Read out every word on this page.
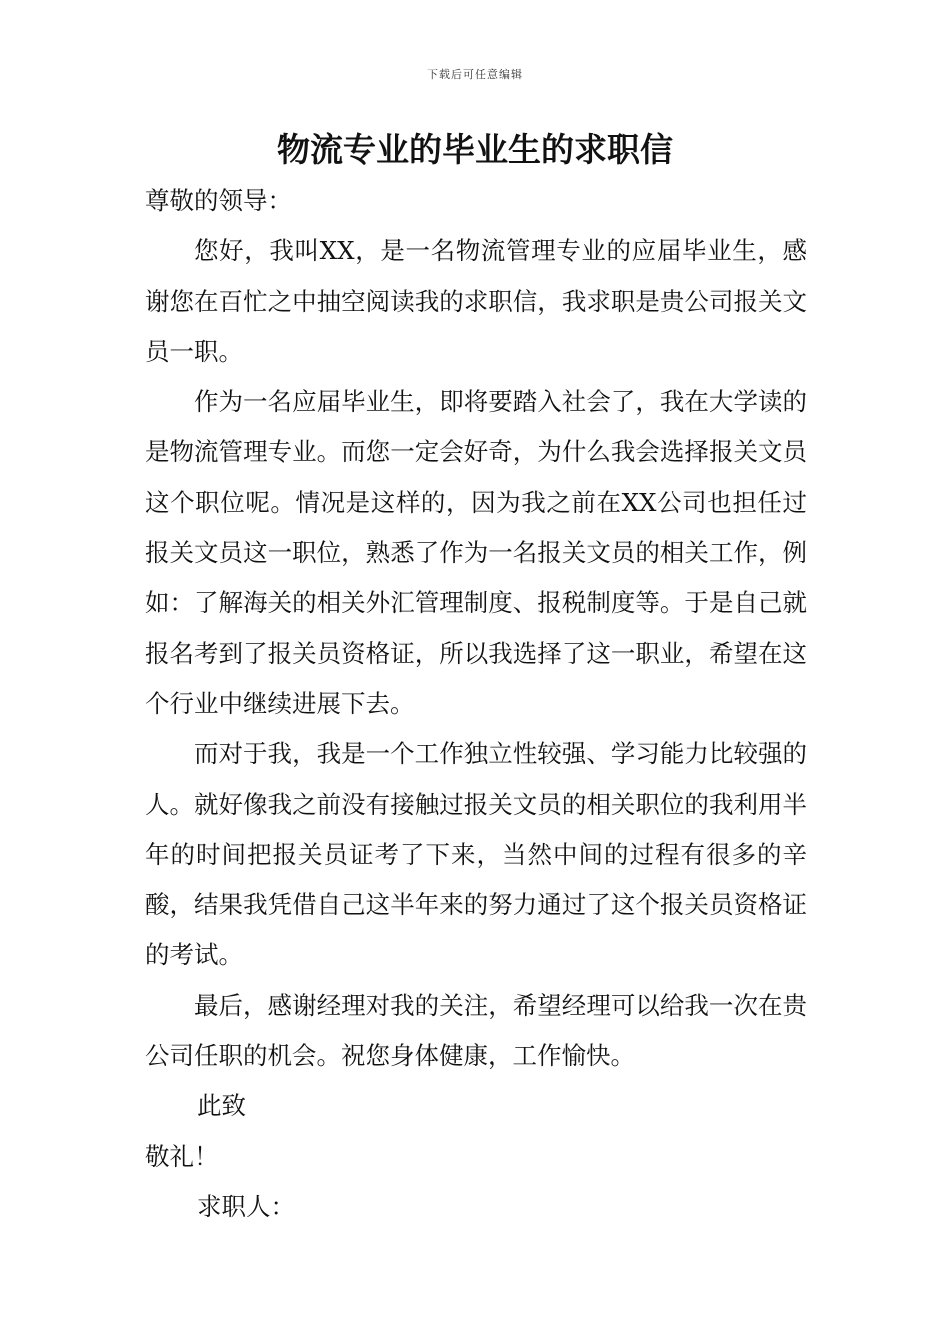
下载后可任意编辑
物流专业的毕业生的求职信

尊敬的领导：

您好，我叫XX，是一名物流管理专业的应届毕业生，感谢您在百忙之中抽空阅读我的求职信，我求职是贵公司报关文员一职。

作为一名应届毕业生，即将要踏入社会了，我在大学读的是物流管理专业。而您一定会好奇，为什么我会选择报关文员这个职位呢。情况是这样的，因为我之前在XX公司也担任过报关文员这一职位，熟悉了作为一名报关文员的相关工作，例如：了解海关的相关外汇管理制度、报税制度等。于是自己就报名考到了报关员资格证，所以我选择了这一职业，希望在这个行业中继续进展下去。

而对于我，我是一个工作独立性较强、学习能力比较强的人。就好像我之前没有接触过报关文员的相关职位的我利用半年的时间把报关员证考了下来，当然中间的过程有很多的辛酸，结果我凭借自己这半年来的努力通过了这个报关员资格证的考试。

最后，感谢经理对我的关注，希望经理可以给我一次在贵公司任职的机会。祝您身体健康，工作愉快。

此致

敬礼！

求职人：
